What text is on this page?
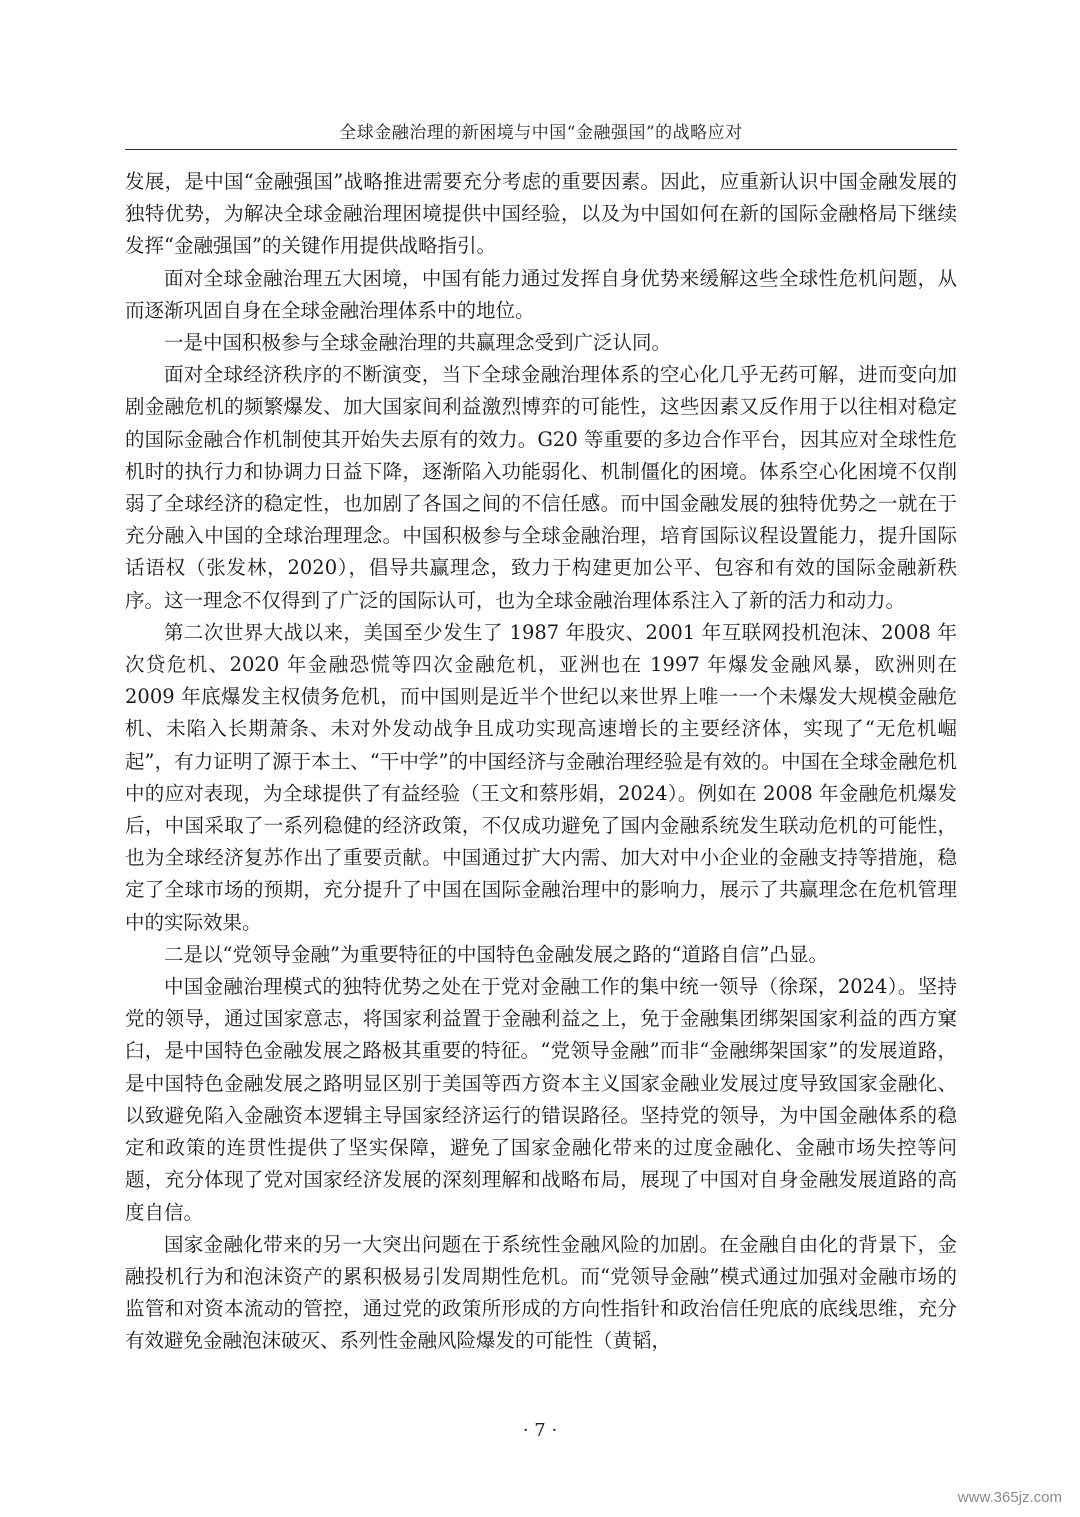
全球金融治理的新困境与中国“金融强国”的战略应对

发展，是中国“金融强国”战略推进需要充分考虑的重要因素。因此，应重新认识中国金融发展的独特优势，为解决全球金融治理困境提供中国经验，以及为中国如何在新的国际金融格局下继续发挥“金融强国”的关键作用提供战略指引。

面对全球金融治理五大困境，中国有能力通过发挥自身优势来缓解这些全球性危机问题，从而逐渐巩固自身在全球金融治理体系中的地位。

一是中国积极参与全球金融治理的共赢理念受到广泛认同。

面对全球经济秩序的不断演变，当下全球金融治理体系的空心化几乎无药可解，进而变向加剧金融危机的频繁爆发、加大国家间利益激烈博弈的可能性，这些因素又反作用于以往相对稳定的国际金融合作机制使其开始失去原有的效力。G20 等重要的多边合作平台，因其应对全球性危机时的执行力和协调力日益下降，逐渐陷入功能弱化、机制僵化的困境。体系空心化困境不仅削弱了全球经济的稳定性，也加剧了各国之间的不信任感。而中国金融发展的独特优势之一就在于充分融入中国的全球治理理念。中国积极参与全球金融治理，培育国际议程设置能力，提升国际话语权（张发林，2020），倡导共赢理念，致力于构建更加公平、包容和有效的国际金融新秩序。这一理念不仅得到了广泛的国际认可，也为全球金融治理体系注入了新的活力和动力。

第二次世界大战以来，美国至少发生了 1987 年股灾、2001 年互联网投机泡沫、2008 年次贷危机、2020 年金融恐慌等四次金融危机，亚洲也在 1997 年爆发金融风暴，欧洲则在 2009 年底爆发主权债务危机，而中国则是近半个世纪以来世界上唯一一个未爆发大规模金融危机、未陷入长期萧条、未对外发动战争且成功实现高速增长的主要经济体，实现了“无危机崛起”，有力证明了源于本土、“干中学”的中国经济与金融治理经验是有效的。中国在全球金融危机中的应对表现，为全球提供了有益经验（王文和蔡彤娟，2024）。例如在 2008 年金融危机爆发后，中国采取了一系列稳健的经济政策，不仅成功避免了国内金融系统发生联动危机的可能性，也为全球经济复苏作出了重要贡献。中国通过扩大内需、加大对中小企业的金融支持等措施，稳定了全球市场的预期，充分提升了中国在国际金融治理中的影响力，展示了共赢理念在危机管理中的实际效果。

二是以“党领导金融”为重要特征的中国特色金融发展之路的“道路自信”凸显。

中国金融治理模式的独特优势之处在于党对金融工作的集中统一领导（徐琛，2024）。坚持党的领导，通过国家意志，将国家利益置于金融利益之上，免于金融集团绑架国家利益的西方窠臼，是中国特色金融发展之路极其重要的特征。“党领导金融”而非“金融绑架国家”的发展道路，是中国特色金融发展之路明显区别于美国等西方资本主义国家金融业发展过度导致国家金融化、以致避免陷入金融资本逻辑主导国家经济运行的错误路径。坚持党的领导，为中国金融体系的稳定和政策的连贯性提供了坚实保障，避免了国家金融化带来的过度金融化、金融市场失控等问题，充分体现了党对国家经济发展的深刻理解和战略布局，展现了中国对自身金融发展道路的高度自信。

国家金融化带来的另一大突出问题在于系统性金融风险的加剧。在金融自由化的背景下，金融投机行为和泡沫资产的累积极易引发周期性危机。而“党领导金融”模式通过加强对金融市场的监管和对资本流动的管控，通过党的政策所形成的方向性指针和政治信任兜底的底线思维，充分有效避免金融泡沫破灭、系列性金融风险爆发的可能性（黄韬，

· 7 ·
www.365jz.com
